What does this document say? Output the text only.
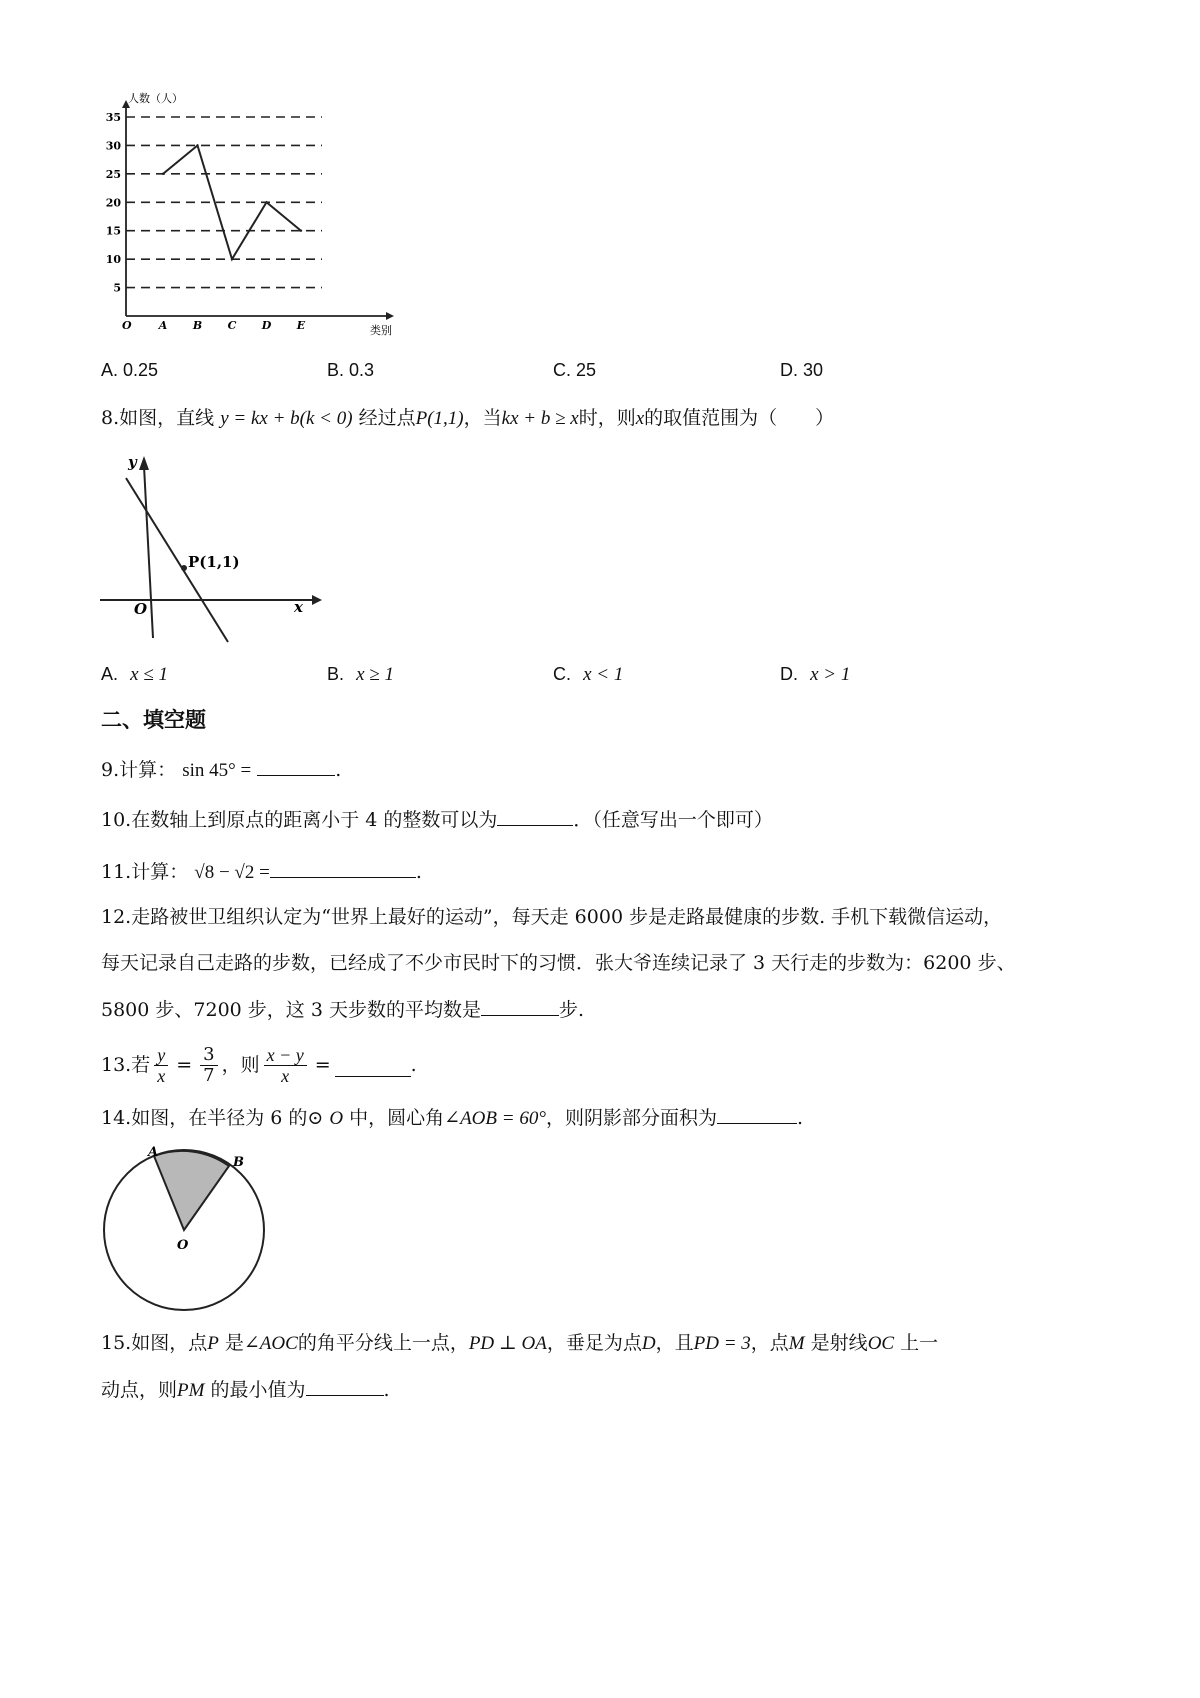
5
10
15
20
25
30
35
A B C D E
人数（人）
类别
O
A. 0.25	B. 0.3	C. 25	D. 30
8.如图，直线 y = kx + b(k < 0) 经过点P(1,1)，当kx + b ≥ x时，则x的取值范围为（　　）
y
x
O
P(1,1)
A. x ≤ 1	B. x ≥ 1	C. x < 1	D. x > 1
二、填空题
9.计算： sin 45° =	.
10.在数轴上到原点的距离小于 4 的整数可以为	．（任意写出一个即可）
11.计算： √8 − √2 =	.
12.走路被世卫组织认定为“世界上最好的运动”，每天走 6000 步是走路最健康的步数. 手机下载微信运动，
每天记录自己走路的步数，已经成了不少市民时下的习惯．张大爷连续记录了 3 天行走的步数为：6200 步、
5800 步、7200 步，这 3 天步数的平均数是	步.
13.若 $\frac{y}{x} = \frac{3}{7}$ ，则 $\frac{x - y}{x}$ =	.
14.如图，在半径为 6 的⊙ O 中，圆心角∠AOB = 60°，则阴影部分面积为	.
A
B
O
15.如图，点P 是∠AOC的角平分线上一点，PD ⊥ OA，垂足为点D，且PD = 3，点M 是射线OC 上一
动点，则PM 的最小值为	.
